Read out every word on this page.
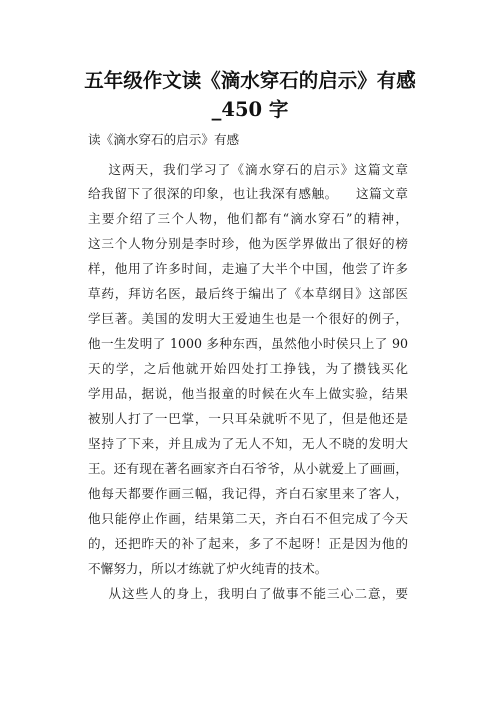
五年级作文读《滴水穿石的启示》有感
_450 字
读《滴水穿石的启示》有感
这两天，我们学习了《滴水穿石的启示》这篇文章
给我留下了很深的印象，也让我深有感触。    这篇文章
主要介绍了三个人物，他们都有“滴水穿石”的精神，
这三个人物分别是李时珍，他为医学界做出了很好的榜
样，他用了许多时间，走遍了大半个中国，他尝了许多
草药，拜访名医，最后终于编出了《本草纲目》这部医
学巨著。美国的发明大王爱迪生也是一个很好的例子，
他一生发明了 1000 多种东西，虽然他小时侯只上了 90
天的学，之后他就开始四处打工挣钱，为了攒钱买化
学用品，据说，他当报童的时候在火车上做实验，结果
被别人打了一巴掌，一只耳朵就听不见了，但是他还是
坚持了下来，并且成为了无人不知，无人不晓的发明大
王。还有现在著名画家齐白石爷爷，从小就爱上了画画，
他每天都要作画三幅，我记得，齐白石家里来了客人，
他只能停止作画，结果第二天，齐白石不但完成了今天
的，还把昨天的补了起来，多了不起呀！正是因为他的
不懈努力，所以才练就了炉火纯青的技术。
从这些人的身上，我明白了做事不能三心二意，要
